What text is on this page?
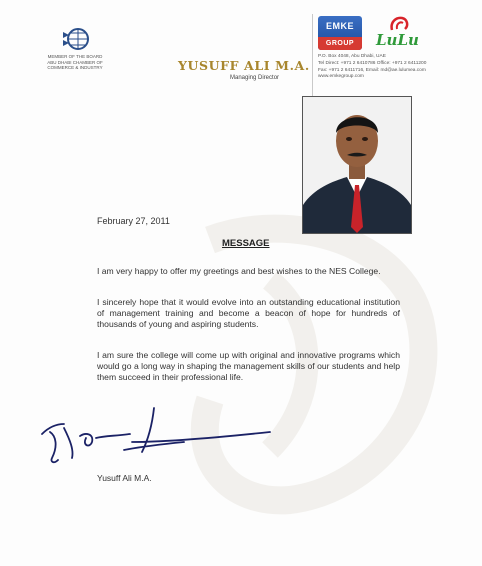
MEMBER OF THE BOARD
ABU DHABI CHAMBER OF
COMMERCE & INDUSTRY	YUSUFF ALI M.A.
Managing Director
EMKE
GROUP	LuLu
P.O. Box 4048, Abu Dhabi, UAE
Tel Direct: +971 2 6410786 Office: +971 2 6411200
Fax: +971 2 6411716, Email: md@ae.lulumea.com
www.emkegroup.com
February 27, 2011
MESSAGE

I am very happy to offer my greetings and best wishes to the NES College.

I sincerely hope that it would evolve into an outstanding educational institution of management training and become a beacon of hope for hundreds of thousands of young and aspiring students.

I am sure the college will come up with original and innovative programs which would go a long way in shaping the management skills of our students and help them succeed in their professional life.

Yusuff Ali M.A.
